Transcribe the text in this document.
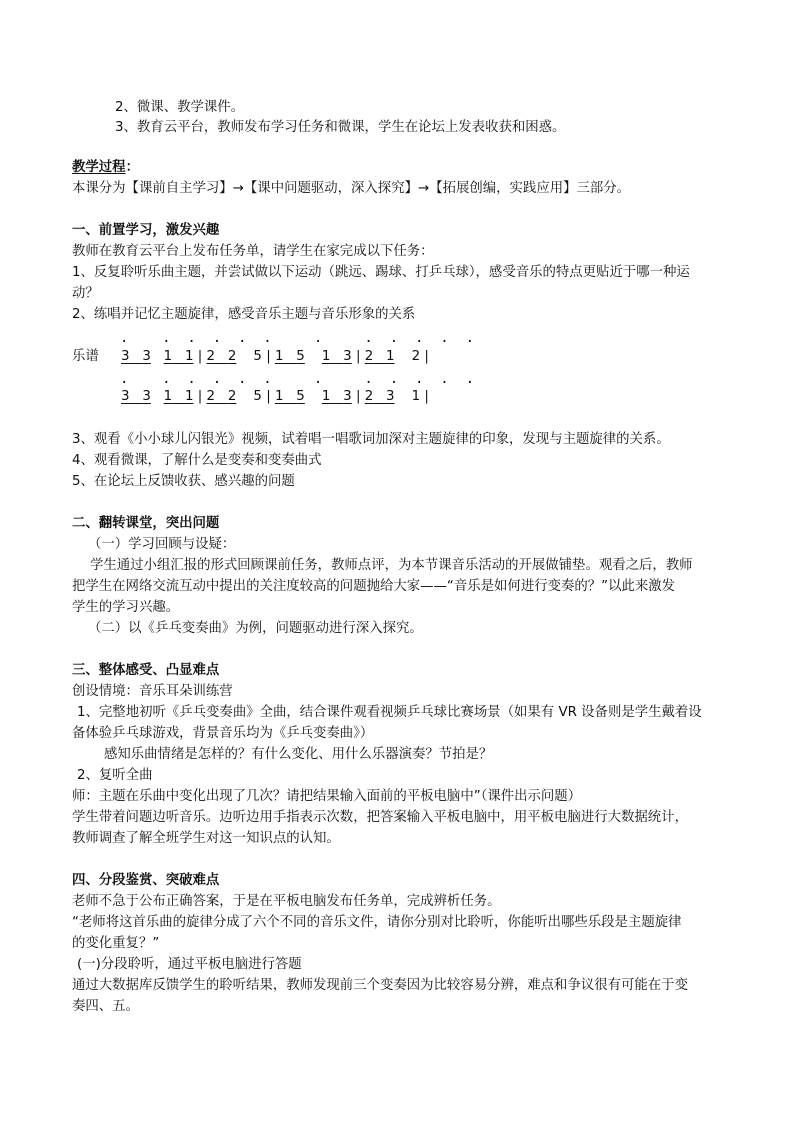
2、微课、教学课件。
3、教育云平台，教师发布学习任务和微课，学生在论坛上发表收获和困惑。
教学过程：
本课分为【课前自主学习】→【课中问题驱动，深入探究】→【拓展创编，实践应用】三部分。
一、前置学习，激发兴趣
教师在教育云平台上发布任务单，请学生在家完成以下任务：
1、反复聆听乐曲主题，并尝试做以下运动（跳远、踢球、打乒乓球），感受音乐的特点更贴近于哪一种运
动？
2、练唱并记忆主题旋律，感受音乐主题与音乐形象的关系
.    .  .  .  .  .     .     .  .  .  .  .
乐谱 3 3 1 1 | 2 2 5 | 1 5 1 3 | 2 1 2 |
.    .  .  .  .  .     .     .  .  .  .  .
3 3 1 1 | 2 2 5 | 1 5 1 3 | 2 3 1 |
3、观看《小小球儿闪银光》视频，试着唱一唱歌词加深对主题旋律的印象，发现与主题旋律的关系。
4、观看微课，了解什么是变奏和变奏曲式
5、在论坛上反馈收获、感兴趣的问题
二、翻转课堂，突出问题
（一）学习回顾与设疑：
学生通过小组汇报的形式回顾课前任务，教师点评，为本节课音乐活动的开展做铺垫。观看之后，教师
把学生在网络交流互动中提出的关注度较高的问题抛给大家——“音乐是如何进行变奏的？”以此来激发
学生的学习兴趣。
（二）以《乒乓变奏曲》为例，问题驱动进行深入探究。
三、整体感受、凸显难点
创设情境：音乐耳朵训练营
1、完整地初听《乒乓变奏曲》全曲，结合课件观看视频乒乓球比赛场景（如果有 VR 设备则是学生戴着设
备体验乒乓球游戏，背景音乐均为《乒乓变奏曲》）
感知乐曲情绪是怎样的？有什么变化、用什么乐器演奏？节拍是？
2、复听全曲
师：主题在乐曲中变化出现了几次？请把结果输入面前的平板电脑中”（课件出示问题）
学生带着问题边听音乐。边听边用手指表示次数，把答案输入平板电脑中，用平板电脑进行大数据统计，
教师调查了解全班学生对这一知识点的认知。
四、分段鉴赏、突破难点
老师不急于公布正确答案，于是在平板电脑发布任务单，完成辨析任务。
“老师将这首乐曲的旋律分成了六个不同的音乐文件，请你分别对比聆听，你能听出哪些乐段是主题旋律
的变化重复？”
(一)分段聆听，通过平板电脑进行答题
通过大数据库反馈学生的聆听结果，教师发现前三个变奏因为比较容易分辨，难点和争议很有可能在于变
奏四、五。
